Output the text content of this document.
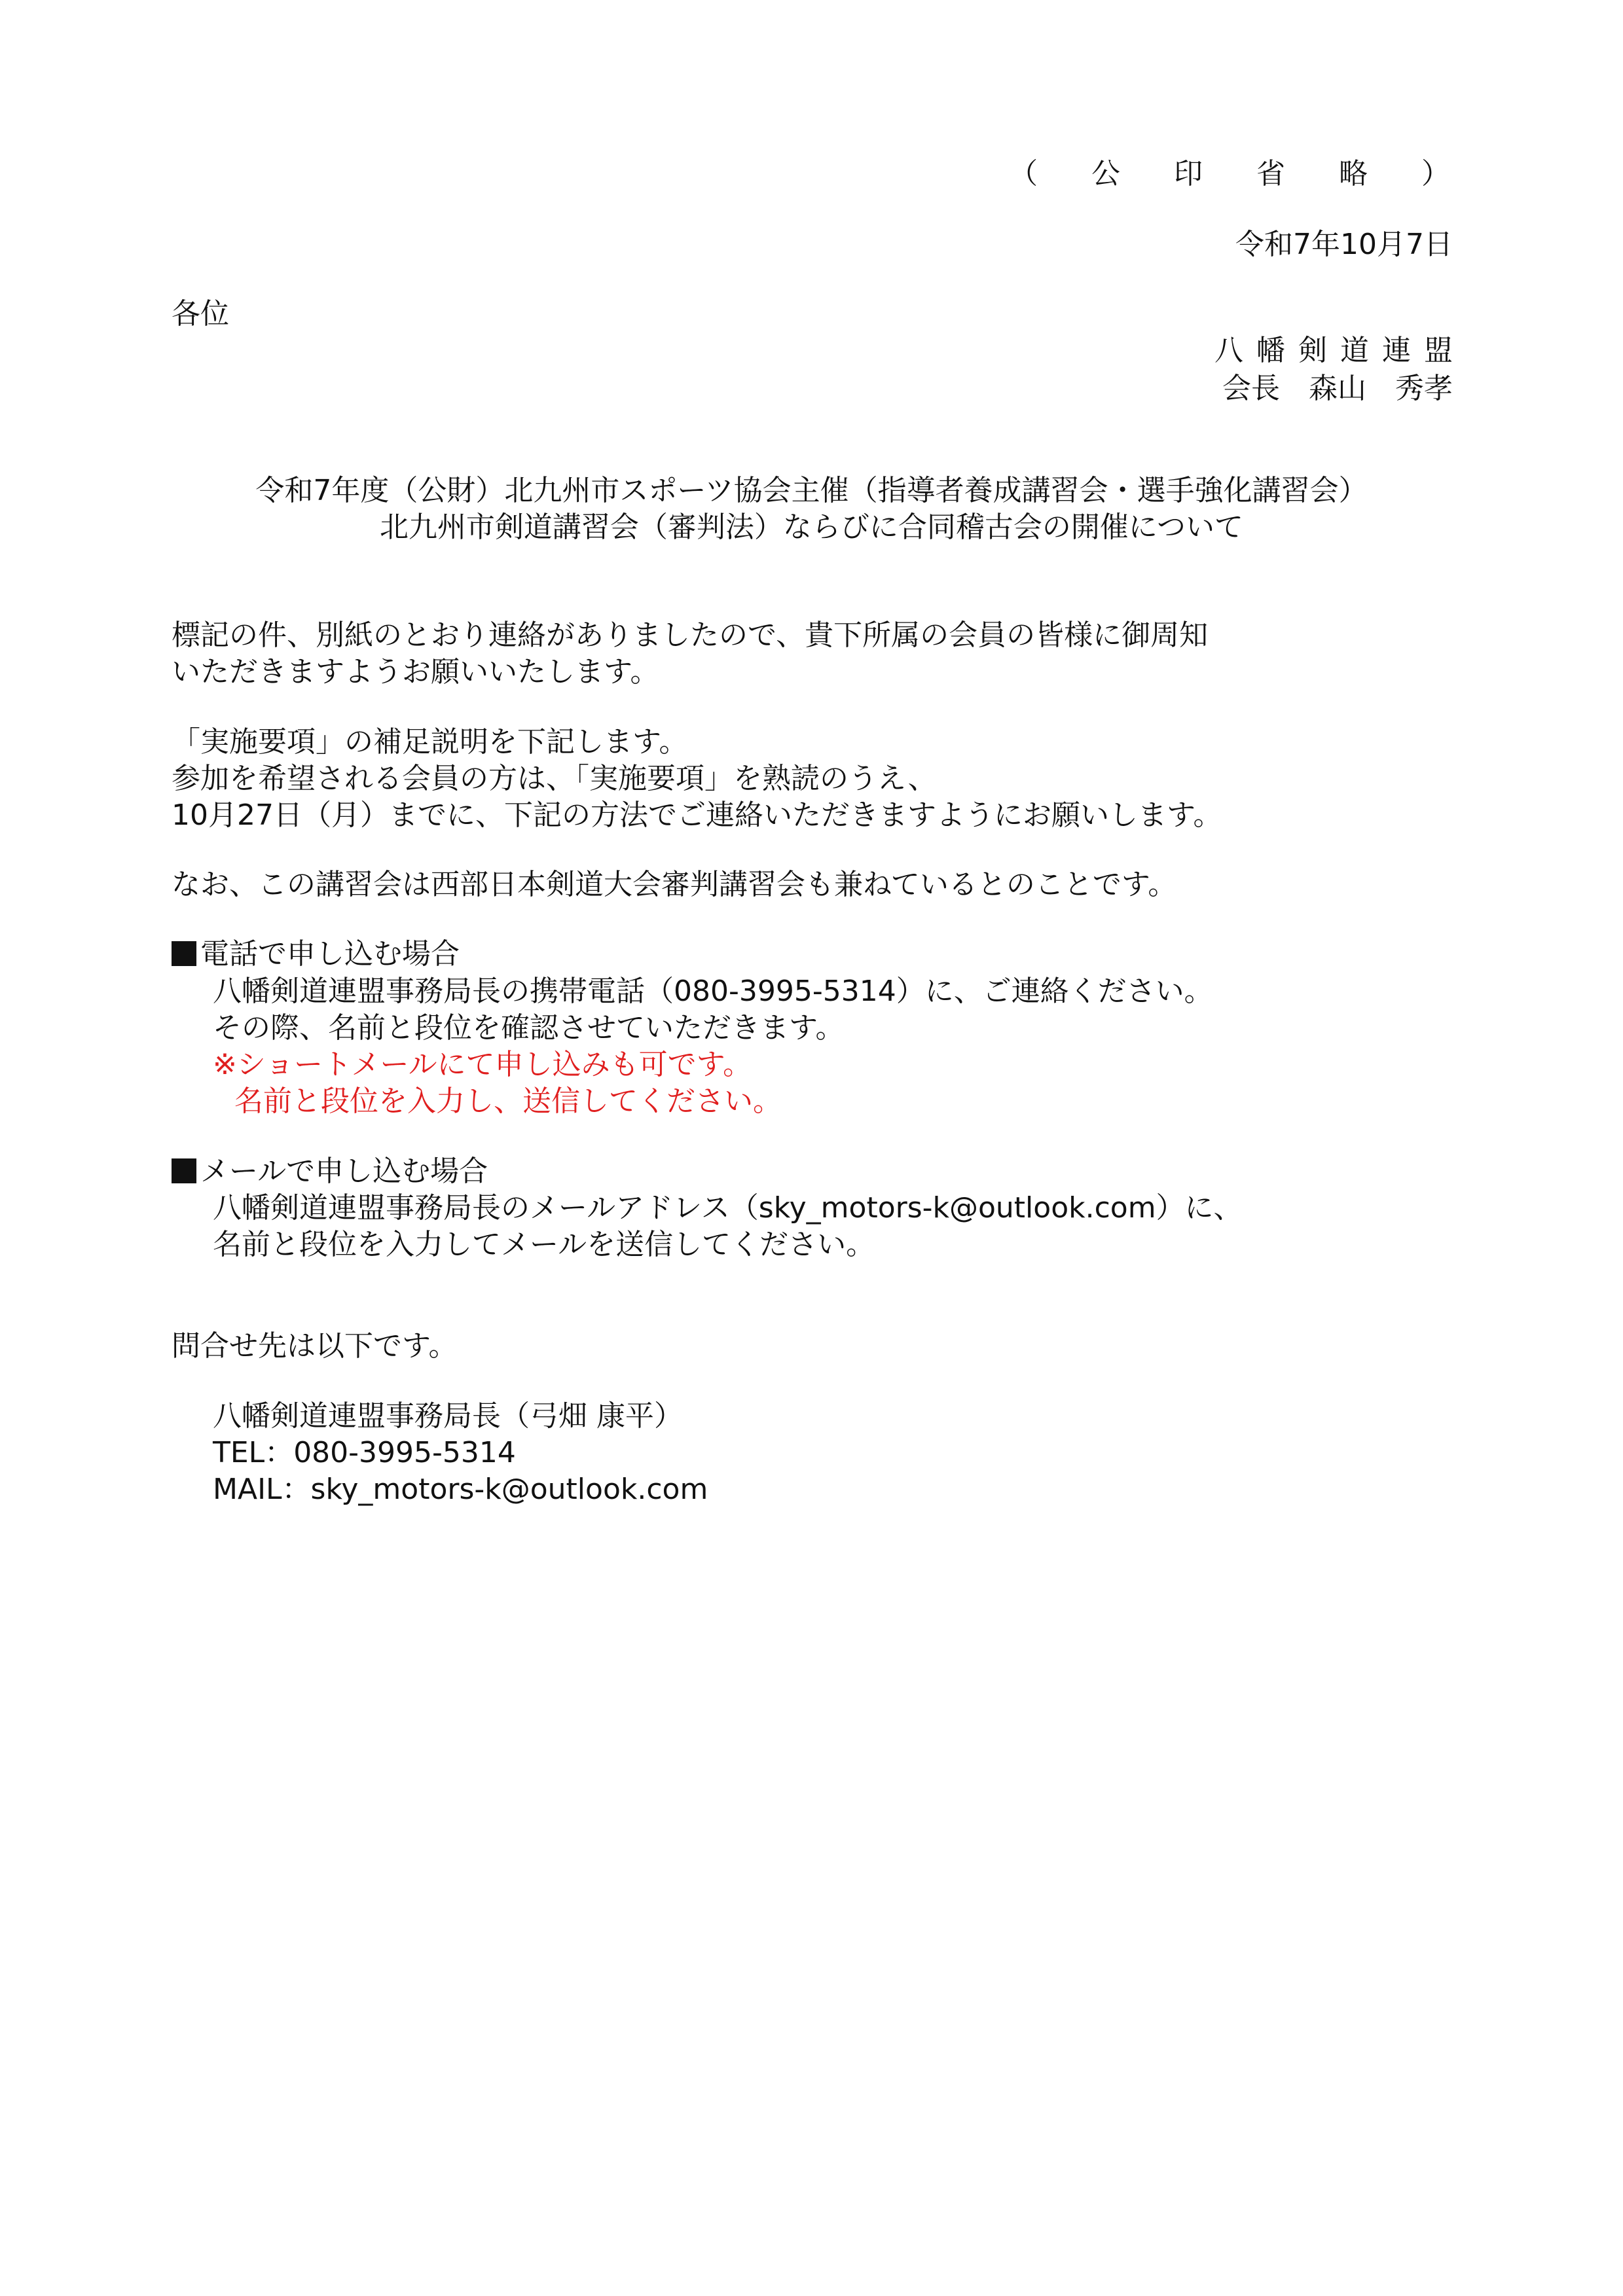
（ 公 印 省 略 ）
令和7年10月7日
各位
八幡剣道連盟
会長 森山　秀孝
令和7年度（公財）北九州市スポーツ協会主催（指導者養成講習会・選手強化講習会）
北九州市剣道講習会（審判法）ならびに合同稽古会の開催について
標記の件、別紙のとおり連絡がありましたので、貴下所属の会員の皆様に御周知
いただきますようお願いいたします。
「実施要項」の補足説明を下記します。
参加を希望される会員の方は、「実施要項」を熟読のうえ、
10月27日（月）までに、下記の方法でご連絡いただきますようにお願いします。
なお、この講習会は西部日本剣道大会審判講習会も兼ねているとのことです。
電話で申し込む場合
八幡剣道連盟事務局長の携帯電話（080-3995-5314）に、ご連絡ください。
その際、名前と段位を確認させていただきます。
※ショートメールにて申し込みも可です。
名前と段位を入力し、送信してください。
メールで申し込む場合
八幡剣道連盟事務局長のメールアドレス（sky_motors-k@outlook.com）に、
名前と段位を入力してメールを送信してください。
問合せ先は以下です。
八幡剣道連盟事務局長（弓畑 康平）
TEL：080-3995-5314
MAIL：sky_motors-k@outlook.com
